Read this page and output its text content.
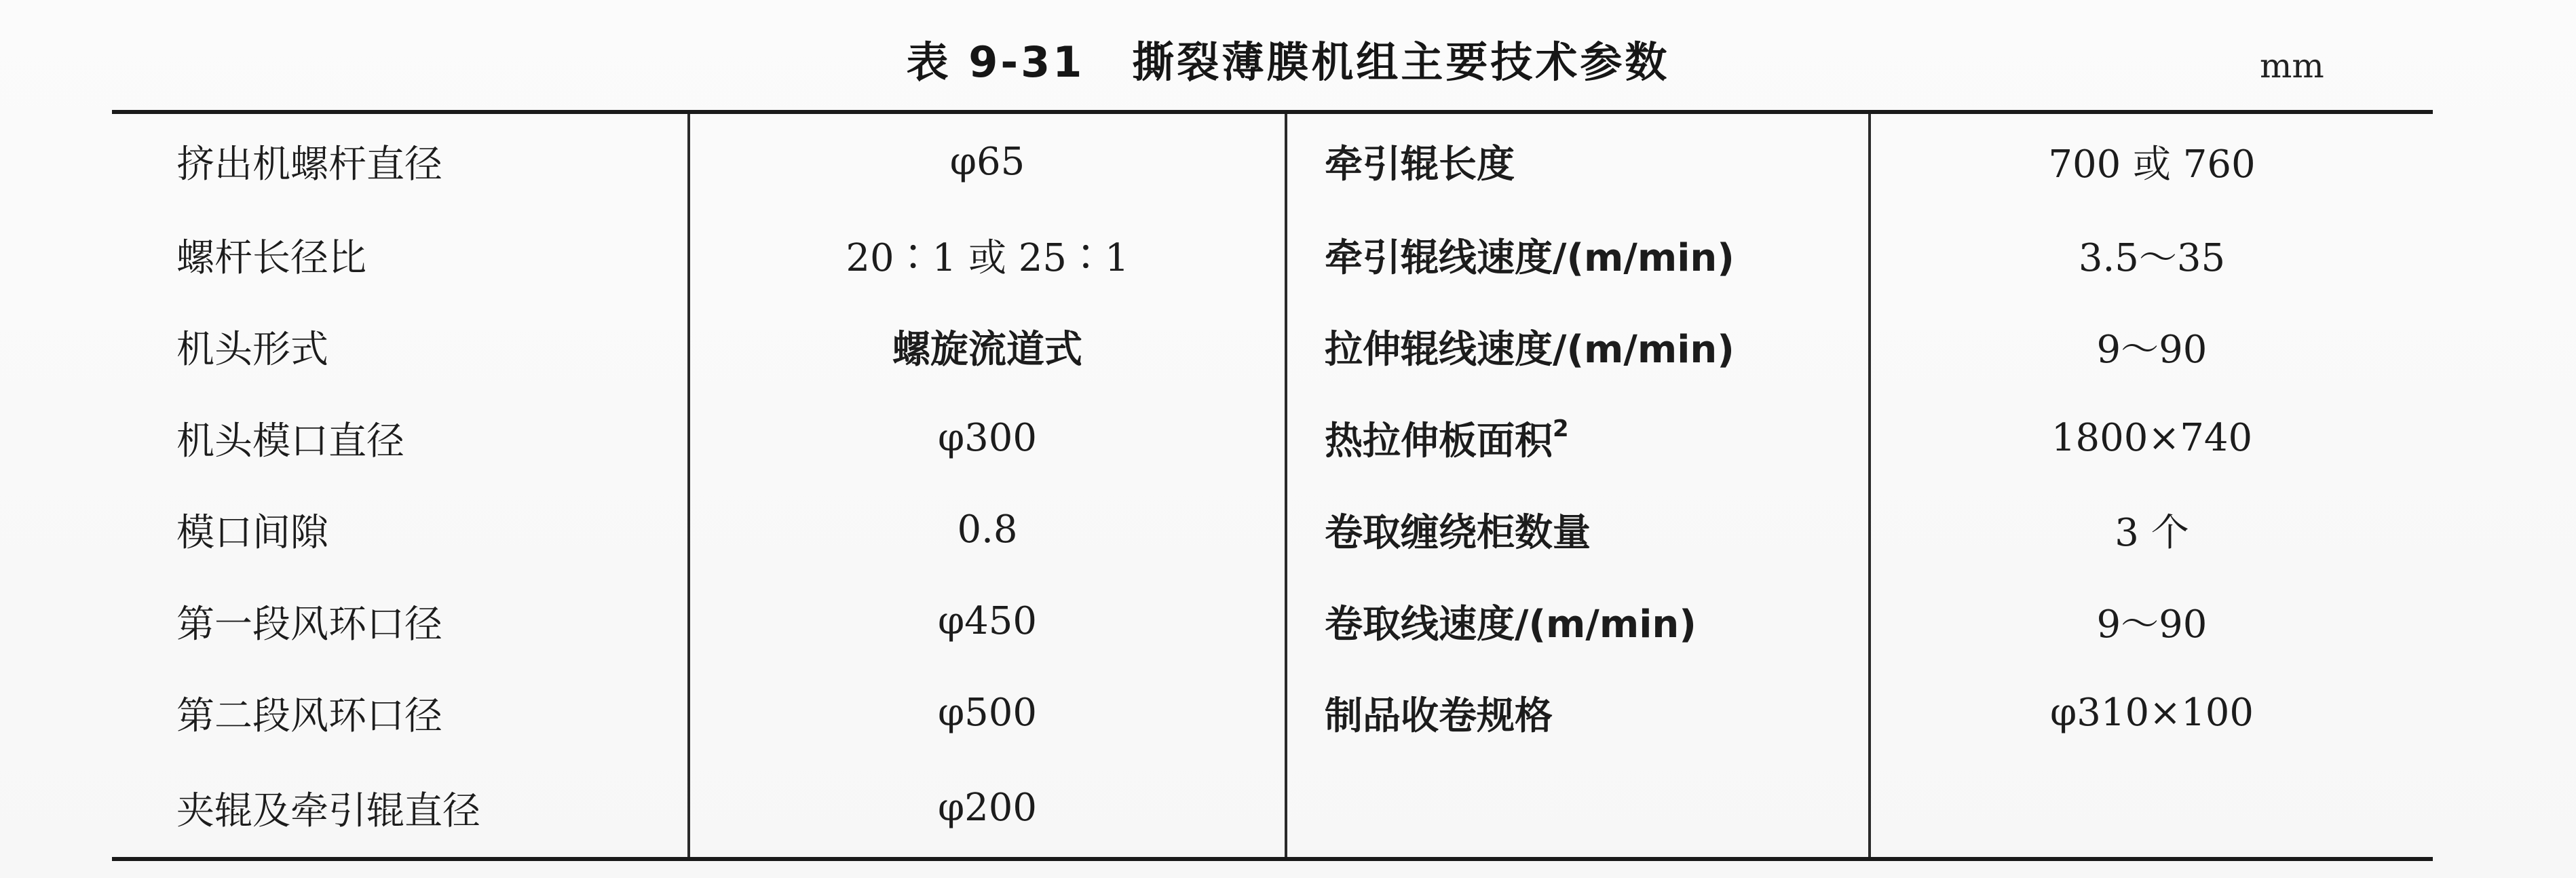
表 9-31 撕裂薄膜机组主要技术参数	mm
挤出机螺杆直径	φ65	牵引辊长度	700 或 760
螺杆长径比	20∶1 或 25∶1	牵引辊线速度/(m/min)	3.5～35
机头形式	螺旋流道式	拉伸辊线速度/(m/min)	9～90
机头模口直径	φ300	热拉伸板面积$^2$	1800×740
模口间隙	0.8	卷取缠绕柜数量	3 个
第一段风环口径	φ450	卷取线速度/(m/min)	9～90
第二段风环口径	φ500	制品收卷规格	φ310×100
夹辊及牵引辊直径	φ200		
